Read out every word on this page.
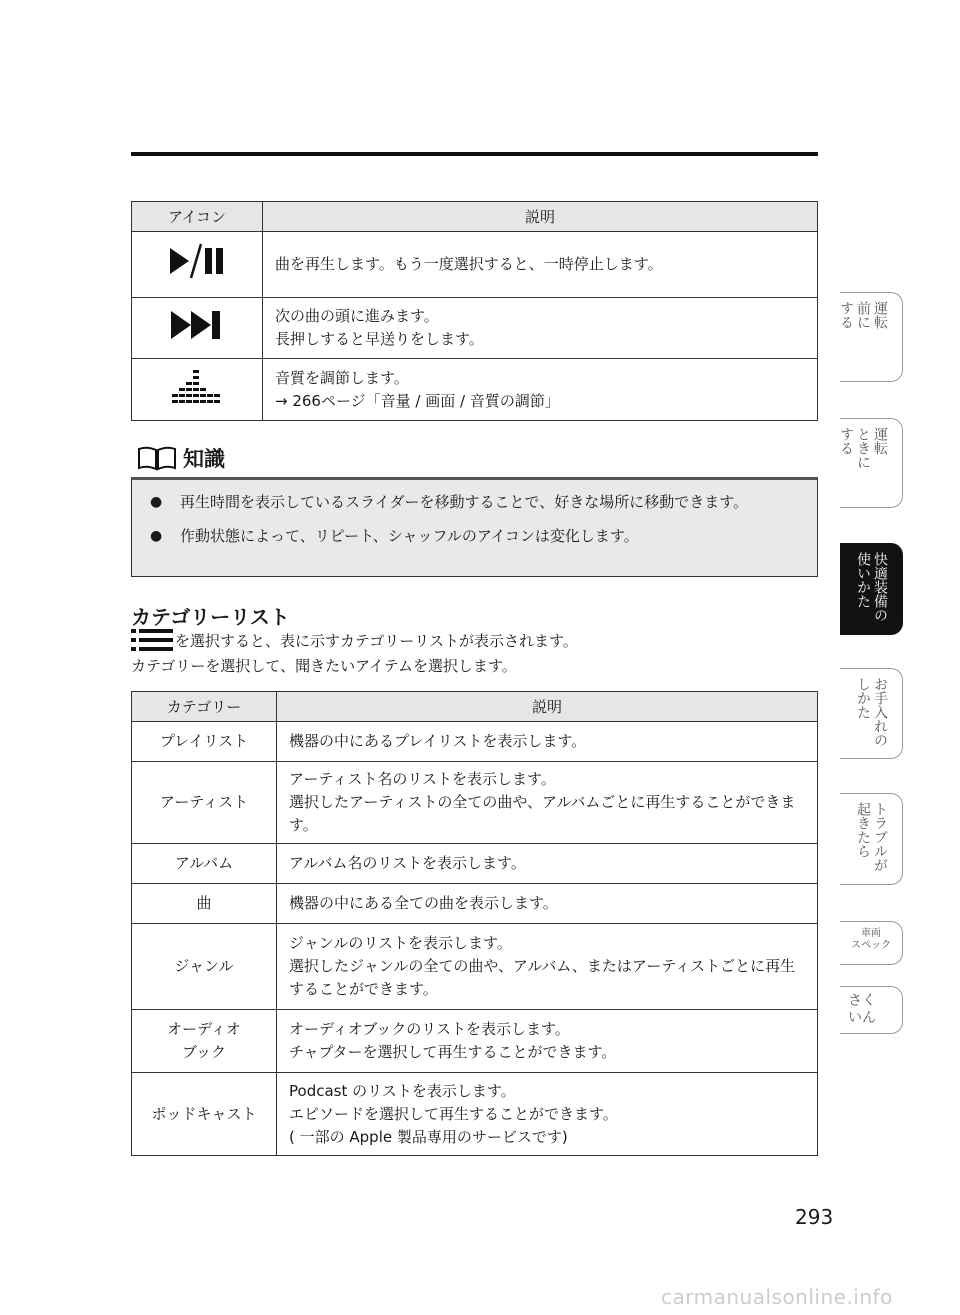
アイコン	説明
	曲を再生します。もう一度選択すると、一時停止します。
	次の曲の頭に進みます。
長押しすると早送りをします。
	音質を調節します。
→ 266ページ「音量 / 画面 / 音質の調節」
知識
●	再生時間を表示しているスライダーを移動することで、好きな場所に移動できます。
●	作動状態によって、リピート、シャッフルのアイコンは変化します。
カテゴリーリスト
を選択すると、表に示すカテゴリーリストが表示されます。
カテゴリーを選択して、聞きたいアイテムを選択します。
カテゴリー	説明
プレイリスト	機器の中にあるプレイリストを表示します。
アーティスト	アーティスト名のリストを表示します。
選択したアーティストの全ての曲や、アルバムごとに再生することができます。
アルバム	アルバム名のリストを表示します。
曲	機器の中にある全ての曲を表示します。
ジャンル	ジャンルのリストを表示します。
選択したジャンルの全ての曲や、アルバム、またはアーティストごとに再生することができます。
オーディオ
ブック	オーディオブックのリストを表示します。
チャプターを選択して再生することができます。
ポッドキャスト	Podcast のリストを表示します。
エピソードを選択して再生することができます。
( 一部の Apple 製品専用のサービスです)
運転
前に
する
運転
ときに
する
快適装備の
使いかた
お手入れの
しかた
トラブルが
起きたら
車両
スペック
さく
いん
293
carmanualsonline.info
